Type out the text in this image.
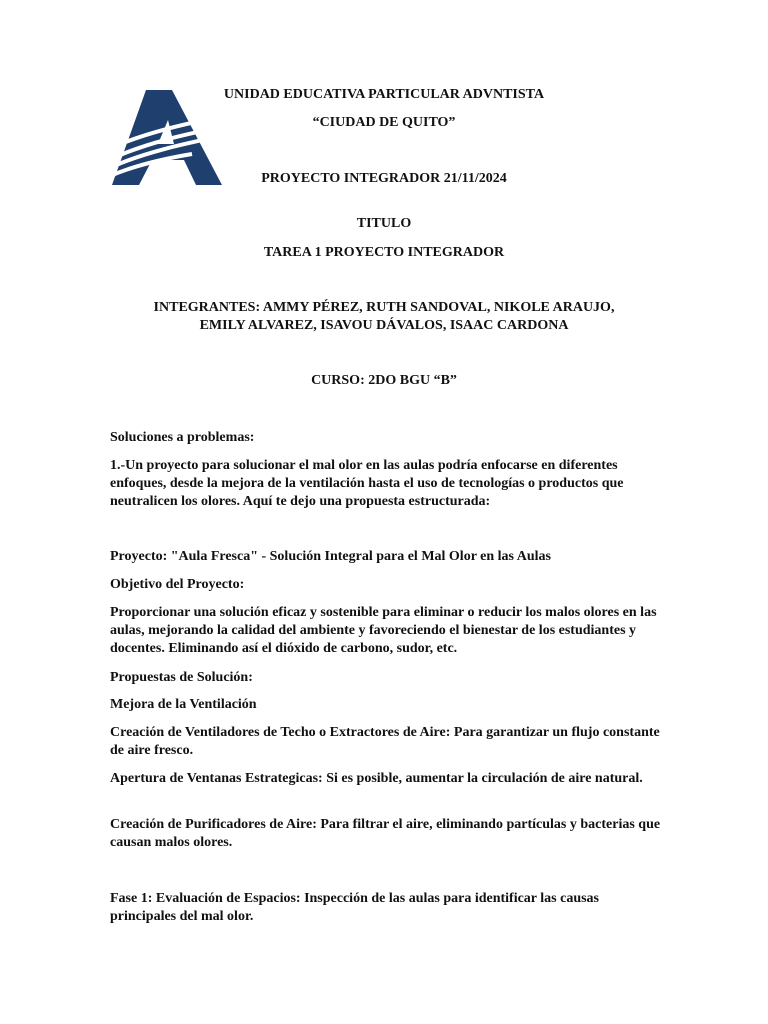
UNIDAD EDUCATIVA PARTICULAR ADVNTISTA
“CIUDAD DE QUITO”
PROYECTO INTEGRADOR 21/11/2024
TITULO
TAREA 1 PROYECTO INTEGRADOR
INTEGRANTES: AMMY PÉREZ, RUTH SANDOVAL, NIKOLE ARAUJO,
EMILY ALVAREZ, ISAVOU DÁVALOS, ISAAC CARDONA
CURSO: 2DO BGU “B”
Soluciones a problemas:
1.-Un proyecto para solucionar el mal olor en las aulas podría enfocarse en diferentes enfoques, desde la mejora de la ventilación hasta el uso de tecnologías o productos que neutralicen los olores. Aquí te dejo una propuesta estructurada:
Proyecto: "Aula Fresca" - Solución Integral para el Mal Olor en las Aulas
Objetivo del Proyecto:
Proporcionar una solución eficaz y sostenible para eliminar o reducir los malos olores en las aulas, mejorando la calidad del ambiente y favoreciendo el bienestar de los estudiantes y docentes. Eliminando así el dióxido de carbono, sudor, etc.
Propuestas de Solución:
Mejora de la Ventilación
Creación de Ventiladores de Techo o Extractores de Aire: Para garantizar un flujo constante de aire fresco.
Apertura de Ventanas Estrategicas: Si es posible, aumentar la circulación de aire natural.
Creación de Purificadores de Aire: Para filtrar el aire, eliminando partículas y bacterias que causan malos olores.
Fase 1: Evaluación de Espacios: Inspección de las aulas para identificar las causas principales del mal olor.
